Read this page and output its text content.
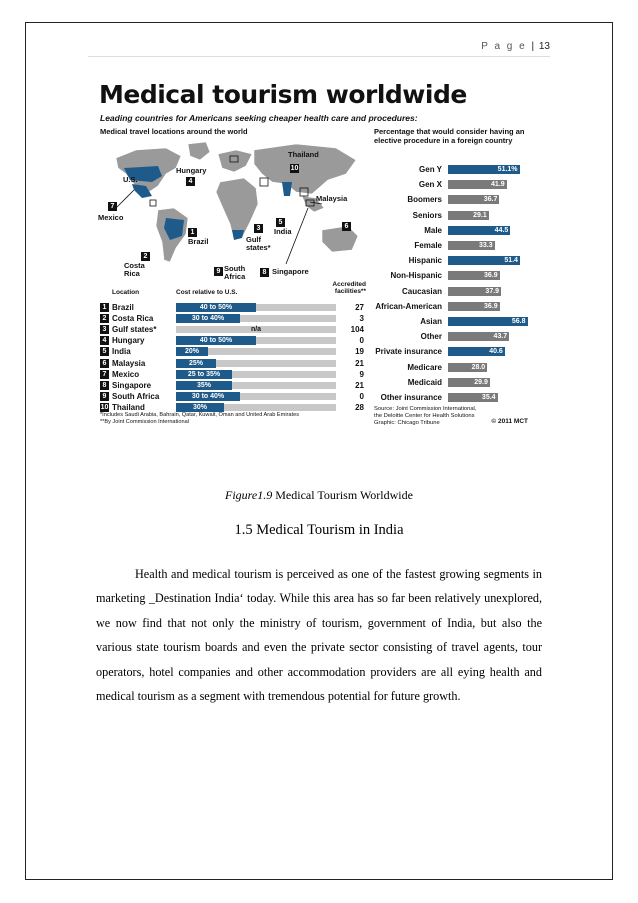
P a g e | 13
Medical tourism worldwide
Leading countries for Americans seeking cheaper health care and procedures:
Medical travel locations around the world	Percentage that would consider having an elective procedure in a foreign country
Hungary
Thailand
U.S.
Mexico
Malaysia
Gulf states*
India
Brazil
Costa Rica
South Africa
Singapore
4
10
7
6
3
5
1
2
9	8
Location	Cost relative to U.S.
Accredited facilities**
1 Brazil	40 to 50%	27
2 Costa Rica	30 to 40%	3
3 Gulf states*	n/a	104
4 Hungary	40 to 50%	0
5 India	20%	19
6 Malaysia	25%	21
7 Mexico	25 to 35%	9
8 Singapore	35%	21
9 South Africa	30 to 40%	0
10 Thailand	30%	28
*Includes Saudi Arabia, Bahrain, Qatar, Kuwait, Oman and United Arab Emirates
**By Joint Commission International
Gen Y	51.1%
Gen X	41.9
Boomers	36.7
Seniors	29.1
Male	44.5
Female	33.3
Hispanic	51.4
Non-Hispanic	36.9
Caucasian	37.9
African-American	36.9
Asian	56.8
Other	43.7
Private insurance	40.6
Medicare	28.0
Medicaid	29.9
Other insurance	35.4
Source: Joint Commission International,
the Deloitte Center for Health Solutions
Graphic: Chicago Tribune	© 2011 MCT
Figure1.9 Medical Tourism Worldwide
1.5 Medical Tourism in India

Health and medical tourism is perceived as one of the fastest growing segments in marketing _Destination India‘ today. While this area has so far been relatively unexplored, we now find that not only the ministry of tourism, government of India, but also the various state tourism boards and even the private sector consisting of travel agents, tour operators, hotel companies and other accommodation providers are all eying health and medical tourism as a segment with tremendous potential for future growth.
